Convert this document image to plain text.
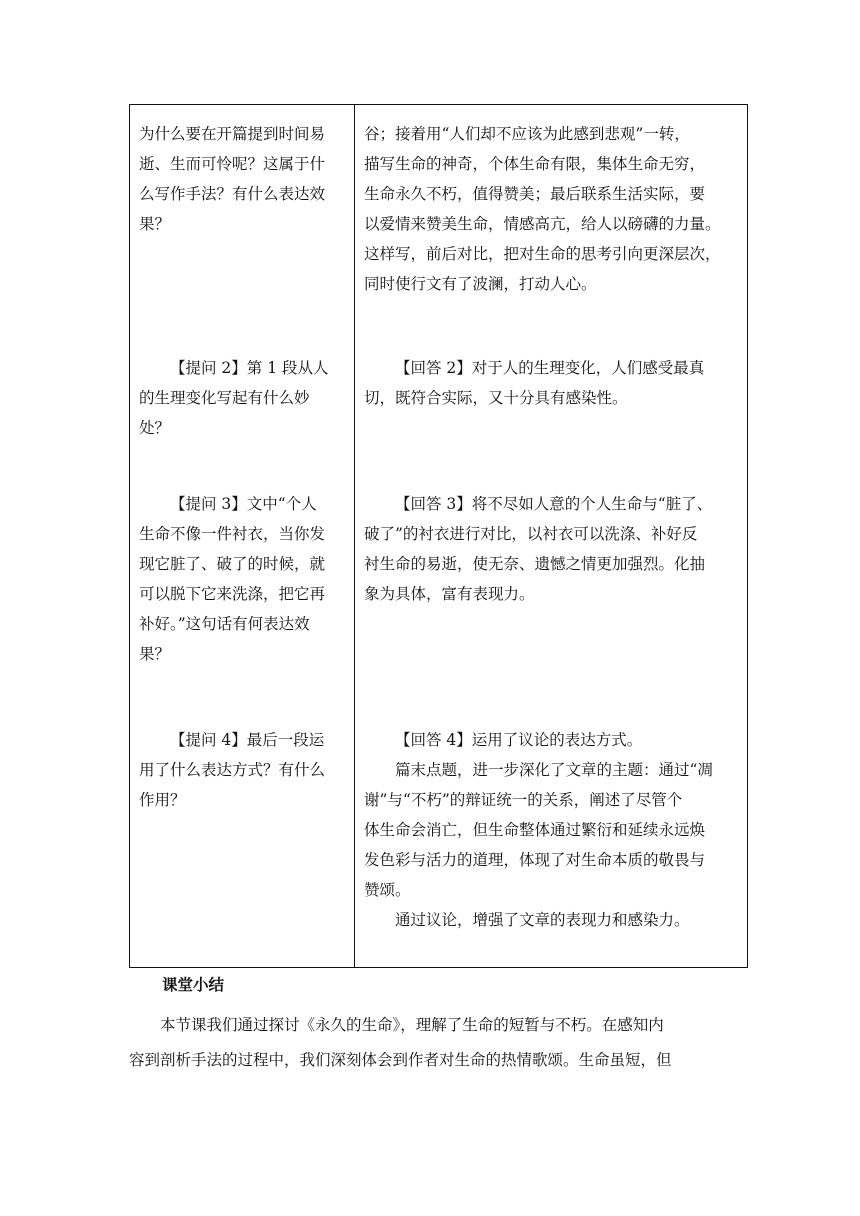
为什么要在开篇提到时间易

逝、生而可怜呢？这属于什

么写作手法？有什么表达效

果？

【提问 2】第 1 段从人

的生理变化写起有什么妙

处？

【提问 3】文中“个人

生命不像一件衬衣，当你发

现它脏了、破了的时候，就

可以脱下它来洗涤，把它再

补好。”这句话有何表达效

果？

【提问 4】最后一段运

用了什么表达方式？有什么

作用？

谷；接着用“人们却不应该为此感到悲观”一转，

描写生命的神奇，个体生命有限，集体生命无穷，

生命永久不朽，值得赞美；最后联系生活实际，要

以爱情来赞美生命，情感高亢，给人以磅礴的力量。

这样写，前后对比，把对生命的思考引向更深层次，

同时使行文有了波澜，打动人心。

【回答 2】对于人的生理变化，人们感受最真

切，既符合实际，又十分具有感染性。

【回答 3】将不尽如人意的个人生命与“脏了、

破了”的衬衣进行对比，以衬衣可以洗涤、补好反

衬生命的易逝，使无奈、遗憾之情更加强烈。化抽

象为具体，富有表现力。

【回答 4】运用了议论的表达方式。

篇末点题，进一步深化了文章的主题：通过“凋

谢”与“不朽”的辩证统一的关系，阐述了尽管个

体生命会消亡，但生命整体通过繁衍和延续永远焕

发色彩与活力的道理，体现了对生命本质的敬畏与

赞颂。

通过议论，增强了文章的表现力和感染力。

课堂小结

本节课我们通过探讨《永久的生命》，理解了生命的短暂与不朽。在感知内

容到剖析手法的过程中，我们深刻体会到作者对生命的热情歌颂。生命虽短，但
